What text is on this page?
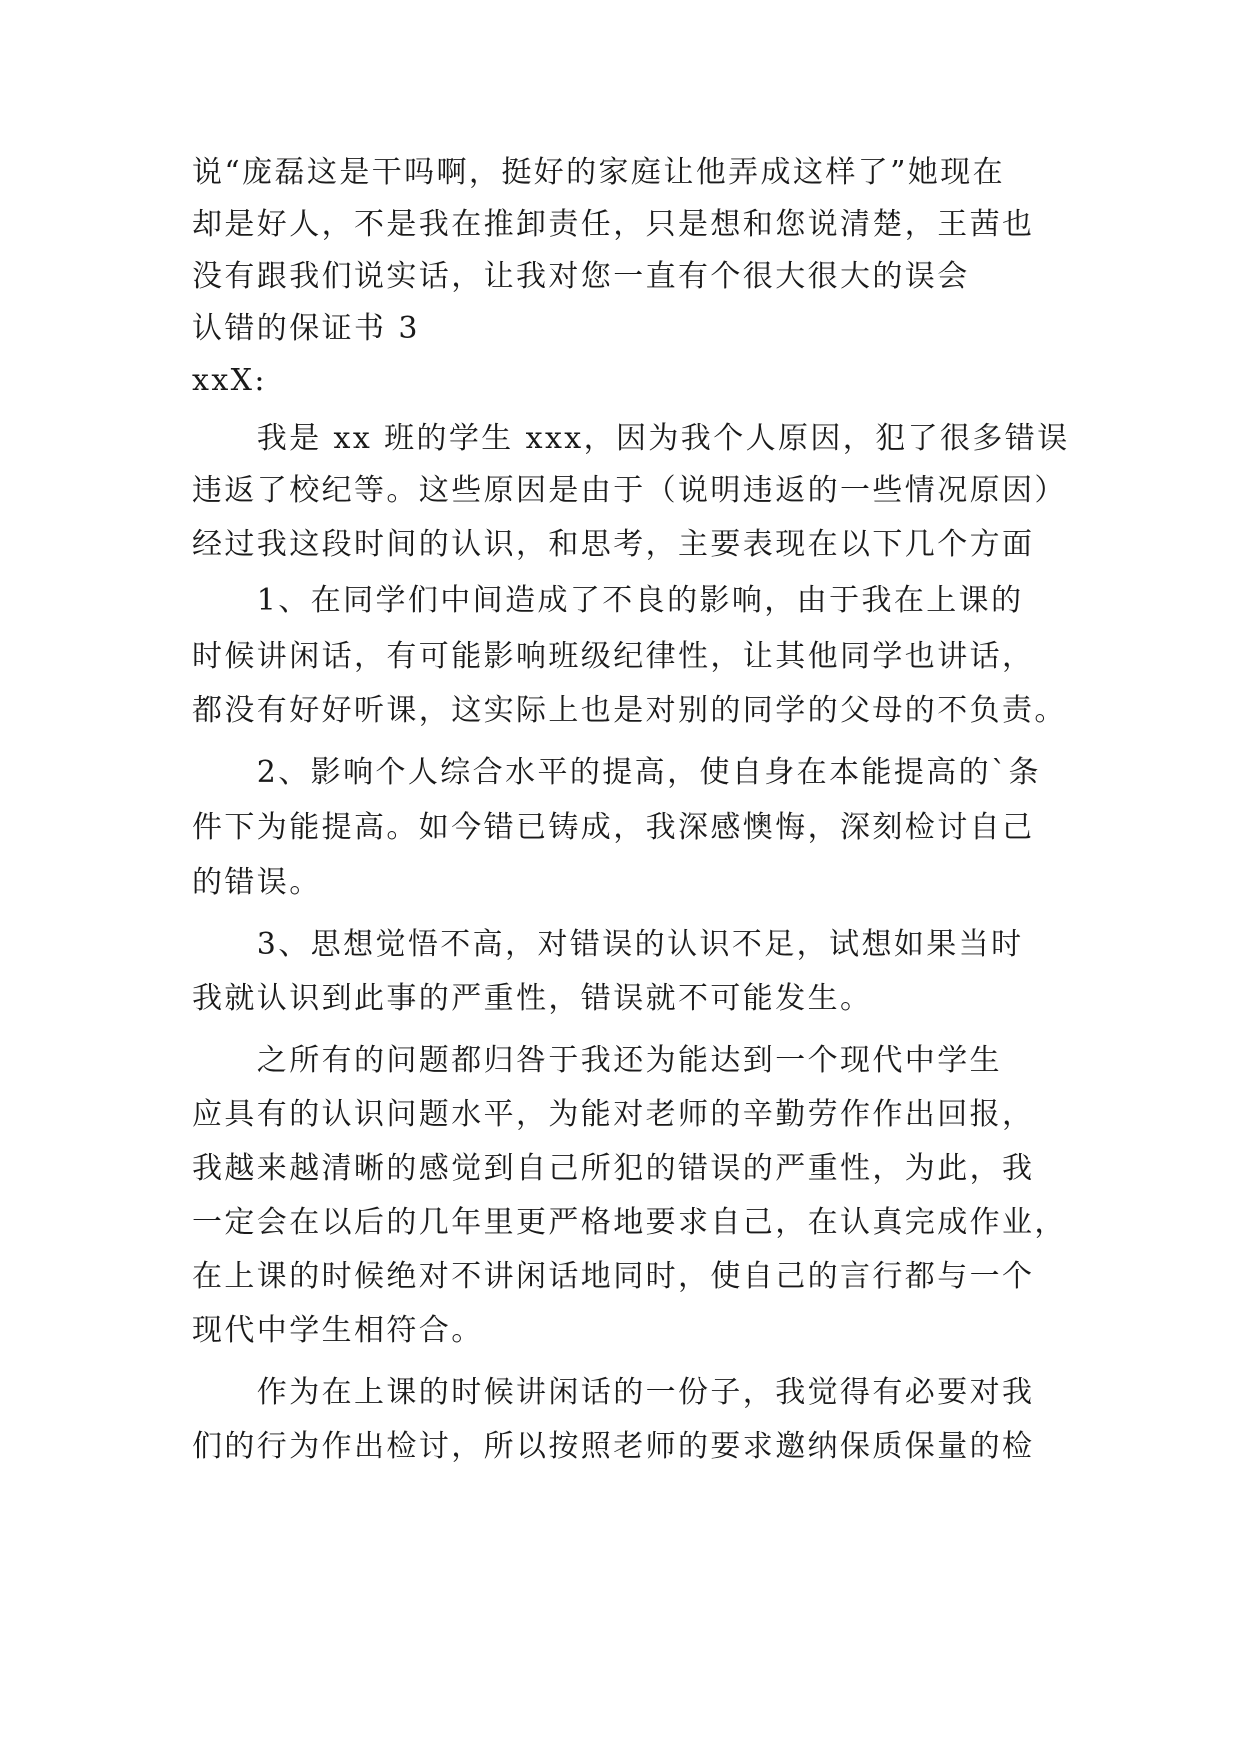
说“庞磊这是干吗啊，挺好的家庭让他弄成这样了”她现在
却是好人，不是我在推卸责任，只是想和您说清楚，王茜也
没有跟我们说实话，让我对您一直有个很大很大的误会
认错的保证书 3
xxX:
　　我是 xx 班的学生 xxx，因为我个人原因，犯了很多错误
违返了校纪等。这些原因是由于（说明违返的一些情况原因）
经过我这段时间的认识，和思考，主要表现在以下几个方面
　　1、在同学们中间造成了不良的影响，由于我在上课的
时候讲闲话，有可能影响班级纪律性，让其他同学也讲话，
都没有好好听课，这实际上也是对别的同学的父母的不负责。
　　2、影响个人综合水平的提高，使自身在本能提高的`条
件下为能提高。如今错已铸成，我深感懊悔，深刻检讨自己
的错误。
　　3、思想觉悟不高，对错误的认识不足，试想如果当时
我就认识到此事的严重性，错误就不可能发生。
　　之所有的问题都归咎于我还为能达到一个现代中学生
应具有的认识问题水平，为能对老师的辛勤劳作作出回报，
我越来越清晰的感觉到自己所犯的错误的严重性，为此，我
一定会在以后的几年里更严格地要求自己，在认真完成作业，
在上课的时候绝对不讲闲话地同时，使自己的言行都与一个
现代中学生相符合。
　　作为在上课的时候讲闲话的一份子，我觉得有必要对我
们的行为作出检讨，所以按照老师的要求邀纳保质保量的检
